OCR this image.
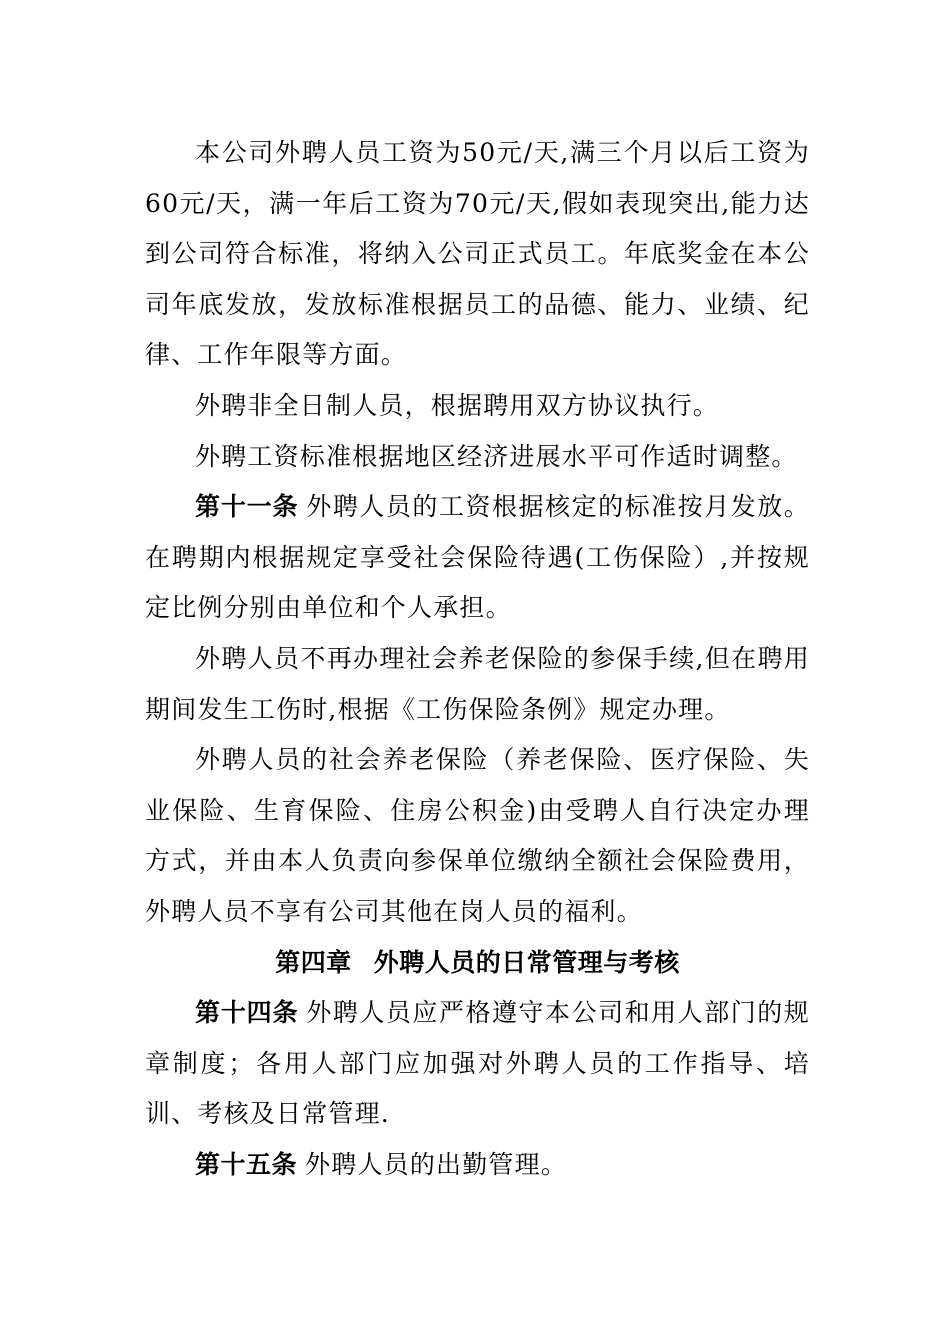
本公司外聘人员工资为50元/天,满三个月以后工资为60元/天，满一年后工资为70元/天,假如表现突出,能力达到公司符合标准，将纳入公司正式员工。年底奖金在本公司年底发放，发放标准根据员工的品德、能力、业绩、纪律、工作年限等方面。

外聘非全日制人员，根据聘用双方协议执行。

外聘工资标准根据地区经济进展水平可作适时调整。

第十一条 外聘人员的工资根据核定的标准按月发放。在聘期内根据规定享受社会保险待遇(工伤保险）,并按规定比例分别由单位和个人承担。

外聘人员不再办理社会养老保险的参保手续,但在聘用期间发生工伤时,根据《工伤保险条例》规定办理。

外聘人员的社会养老保险（养老保险、医疗保险、失业保险、生育保险、住房公积金)由受聘人自行决定办理方式，并由本人负责向参保单位缴纳全额社会保险费用，外聘人员不享有公司其他在岗人员的福利。

第四章 外聘人员的日常管理与考核

第十四条 外聘人员应严格遵守本公司和用人部门的规章制度；各用人部门应加强对外聘人员的工作指导、培训、考核及日常管理.

第十五条 外聘人员的出勤管理。
